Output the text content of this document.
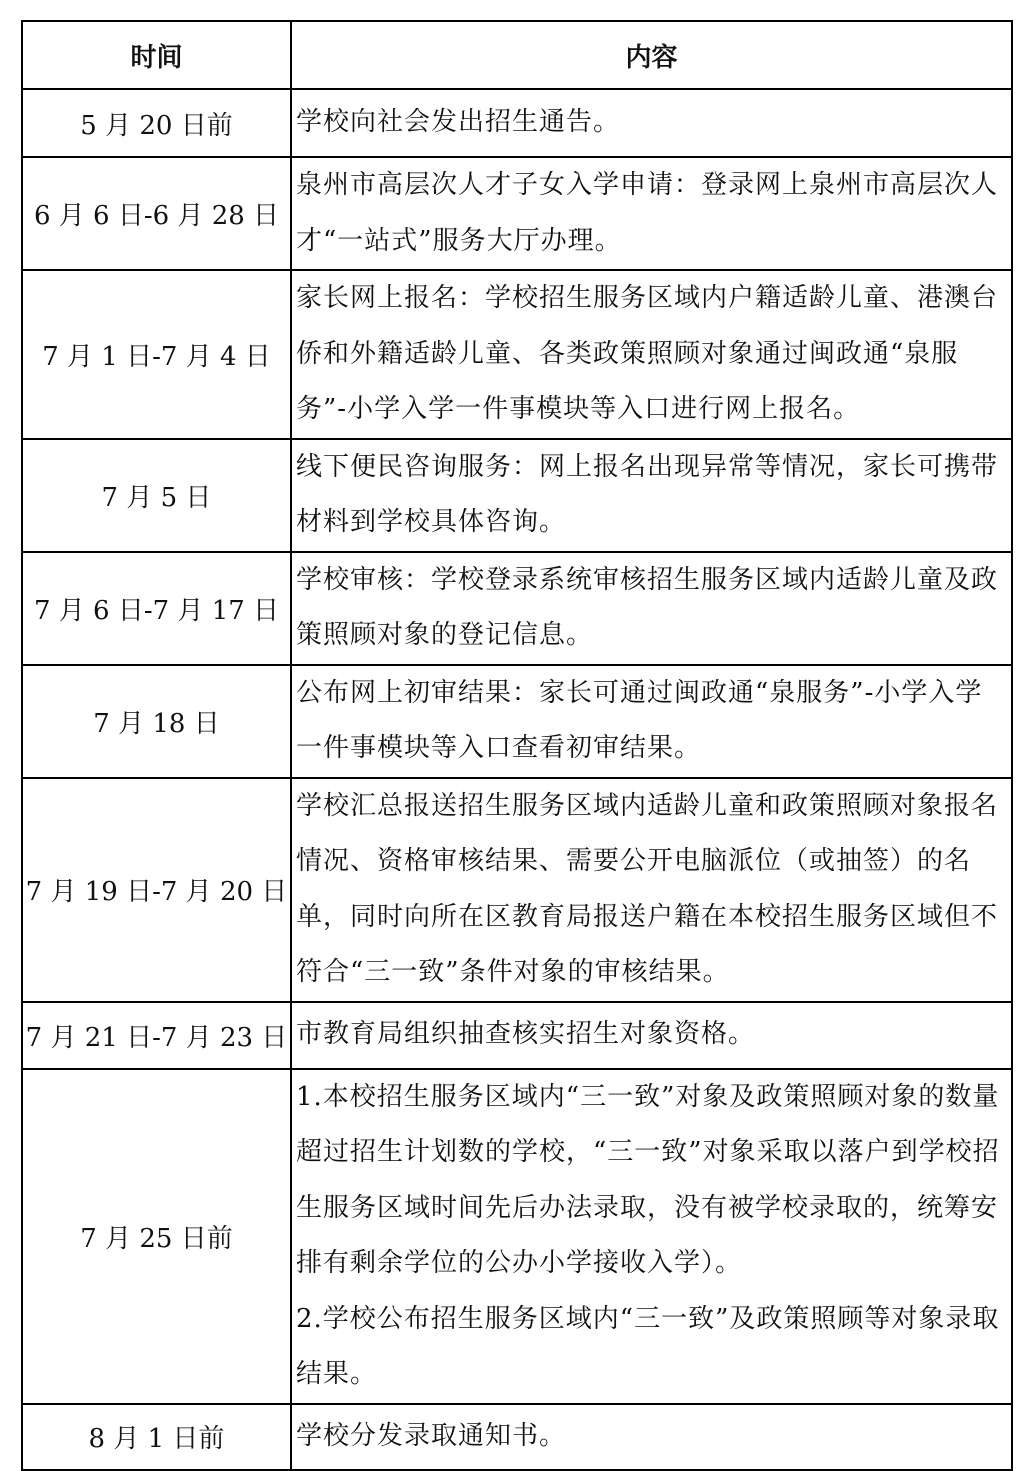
时间	内容
5 月 20 日前	学校向社会发出招生通告。

6 月 6 日-6 月 28 日	泉州市高层次人才子女入学申请：登录网上泉州市高层次人才“一站式”服务大厅办理。

7 月 1 日-7 月 4 日	家长网上报名：学校招生服务区域内户籍适龄儿童、港澳台侨和外籍适龄儿童、各类政策照顾对象通过闽政通“泉服务”-小学入学一件事模块等入口进行网上报名。

7 月 5 日	线下便民咨询服务：网上报名出现异常等情况，家长可携带材料到学校具体咨询。

7 月 6 日-7 月 17 日	学校审核：学校登录系统审核招生服务区域内适龄儿童及政策照顾对象的登记信息。

7 月 18 日	公布网上初审结果：家长可通过闽政通“泉服务”-小学入学一件事模块等入口查看初审结果。

7 月 19 日-7 月 20 日	学校汇总报送招生服务区域内适龄儿童和政策照顾对象报名情况、资格审核结果、需要公开电脑派位（或抽签）的名单，同时向所在区教育局报送户籍在本校招生服务区域但不符合“三一致”条件对象的审核结果。

7 月 21 日-7 月 23 日	市教育局组织抽查核实招生对象资格。

7 月 25 日前	1.本校招生服务区域内“三一致”对象及政策照顾对象的数量超过招生计划数的学校，“三一致”对象采取以落户到学校招生服务区域时间先后办法录取，没有被学校录取的，统筹安排有剩余学位的公办小学接收入学）。
2.学校公布招生服务区域内“三一致”及政策照顾等对象录取结果。

8 月 1 日前	学校分发录取通知书。
